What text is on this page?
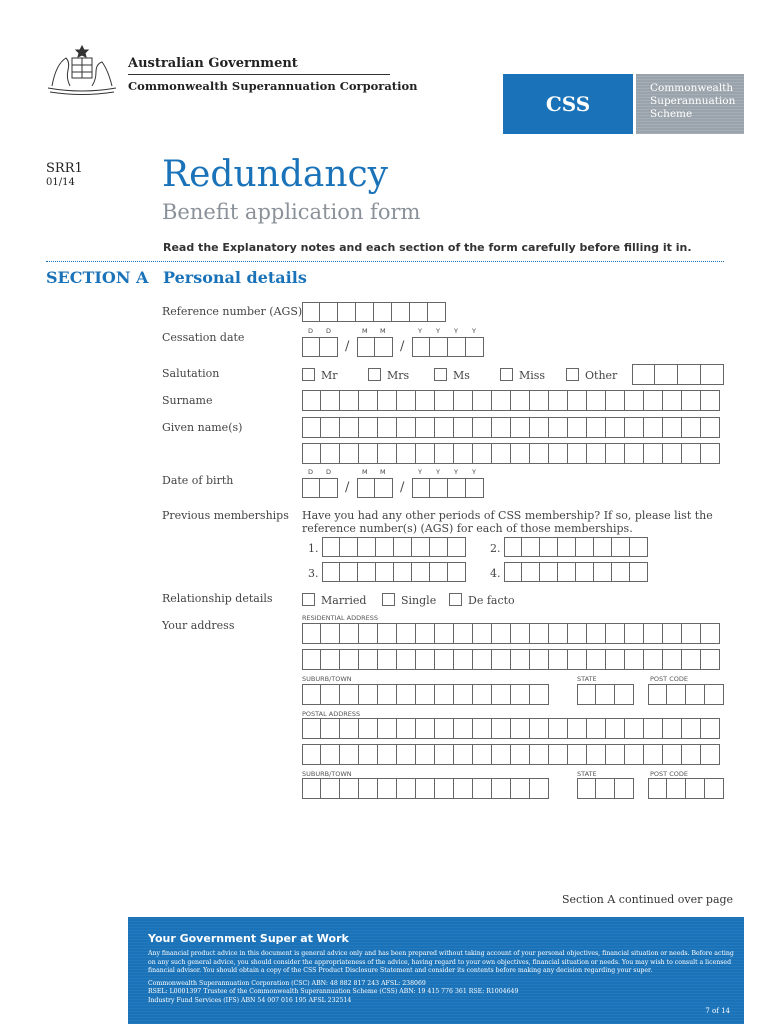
Australian Government
Commonwealth Superannuation Corporation
CSS
Commonwealth
Superannuation
Scheme
SRR1
01/14 Redundancy
Benefit application form
Read the Explanatory notes and each section of the form carefully before filling it in.
SECTION A Personal details
Reference number (AGS)
Cessation date	D D	M M	Y Y Y Y
/	/
Salutation	Mr	Mrs	Ms	Miss	Other
Surname
Given name(s)
Date of birth
D D	M M	Y Y Y Y
/	/
Previous memberships Have you had any other periods of CSS membership? If so, please list the reference number(s) (AGS) for each of those memberships.
1.	2.
3.	4.
Relationship details	Married	Single	De facto
Your address
RESIDENTIAL ADDRESS
SUBURB/TOWN	STATE	POST CODE
POSTAL ADDRESS
SUBURB/TOWN	STATE	POST CODE
Section A continued over page
Your Government Super at Work
Any financial product advice in this document is general advice only and has been prepared without taking account of your personal objectives, financial situation or needs. Before acting on any such general advice, you should consider the appropriateness of the advice, having regard to your own objectives, financial situation or needs. You may wish to consult a licensed financial advisor. You should obtain a copy of the CSS Product Disclosure Statement and consider its contents before making any decision regarding your super.
Commonwealth Superannuation Corporation (CSC) ABN: 48 882 817 243 AFSL: 238069
RSEL: L0001397 Trustee of the Commonwealth Superannuation Scheme (CSS) ABN: 19 415 776 361 RSE: R1004649
Industry Fund Services (IFS) ABN 54 007 016 195 AFSL 232514
7 of 14
